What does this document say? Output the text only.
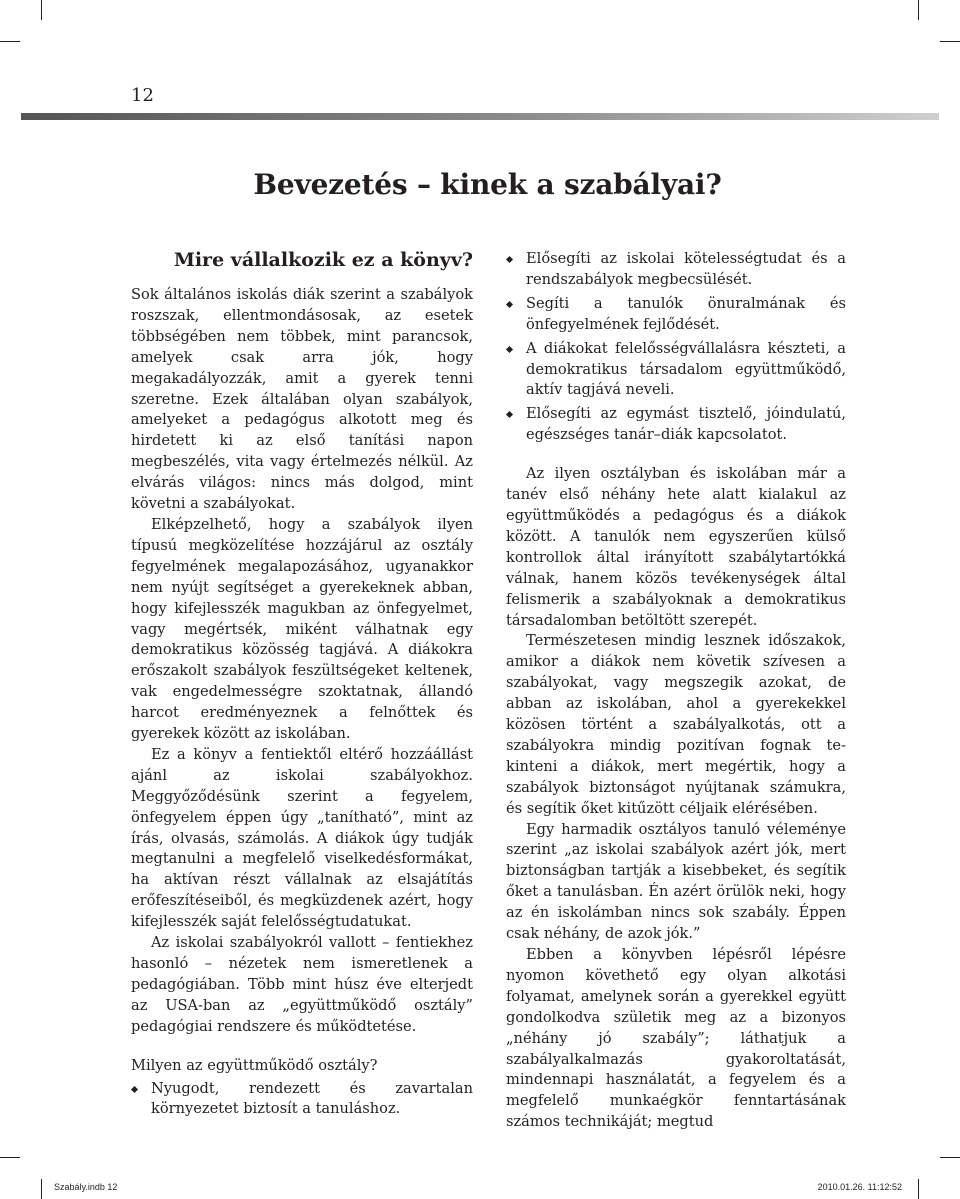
12
Bevezetés – kinek a szabályai?
Mire vállalkozik ez a könyv?

Sok általános iskolás diák szerint a szabályok roszszak, ellentmondásosak, az esetek többségében nem többek, mint parancsok, amelyek csak arra jók, hogy megakadályozzák, amit a gyerek tenni szeretne. Ezek általában olyan szabályok, amelyeket a pedagógus alkotott meg és hirdetett ki az első tanítási napon megbeszélés, vita vagy értelmezés nélkül. Az elvárás világos: nincs más dolgod, mint követni a szabályokat.

Elképzelhető, hogy a szabályok ilyen típusú megközelítése hozzájárul az osztály fegyelmének megalapozásához, ugyanakkor nem nyújt segítséget a gyerekeknek abban, hogy kifejlesszék magukban az önfegyelmet, vagy megértsék, miként válhatnak egy demokratikus közösség tagjává. A diákokra erőszakolt szabályok feszültségeket keltenek, vak engedelmességre szoktatnak, állandó harcot eredményeznek a felnőttek és gyerekek között az iskolában.

Ez a könyv a fentiektől eltérő hozzáállást ajánl az iskolai szabályokhoz. Meggyőződésünk szerint a fegyelem, önfegyelem éppen úgy „tanítható”, mint az írás, olvasás, számolás. A diákok úgy tudják megtanulni a megfelelő viselkedésformákat, ha aktívan részt vállalnak az elsajátítás erőfeszítéseiből, és megküzdenek azért, hogy kifejlesszék saját felelősségtudatukat.

Az iskolai szabályokról vallott – fentiekhez hasonló – nézetek nem ismeretlenek a pedagógiában. Több mint húsz éve elterjedt az USA-ban az „együttműködő osztály” pedagógiai rendszere és működtetése.

Milyen az együttműködő osztály?

Nyugodt, rendezett és zavartalan környezetet biztosít a tanuláshoz.
Elősegíti az iskolai kötelességtudat és a rendszabályok megbecsülését.
Segíti a tanulók önuralmának és önfegyelmének fejlődését.
A diákokat felelősségvállalásra készteti, a demokratikus társadalom együttműködő, aktív tagjává neveli.
Elősegíti az egymást tisztelő, jóindulatú, egészséges tanár–diák kapcsolatot.

Az ilyen osztályban és iskolában már a tanév első néhány hete alatt kialakul az együttműködés a pedagógus és a diákok között. A tanulók nem egyszerűen külső kontrollok által irányított szabálytartókká válnak, hanem közös tevékenységek által felismerik a szabályoknak a demokratikus társadalomban betöltött szerepét.

Természetesen mindig lesznek időszakok, amikor a diákok nem követik szívesen a szabályokat, vagy megszegik azokat, de abban az iskolában, ahol a gyerekekkel közösen történt a szabályalkotás, ott a szabályokra mindig pozitívan fognak tekinteni a diákok, mert megértik, hogy a szabályok biztonságot nyújtanak számukra, és segítik őket kitűzött céljaik elérésében.

Egy harmadik osztályos tanuló véleménye szerint „az iskolai szabályok azért jók, mert biztonságban tartják a kisebbeket, és segítik őket a tanulásban. Én azért örülök neki, hogy az én iskolámban nincs sok szabály. Éppen csak néhány, de azok jók.”

Ebben a könyvben lépésről lépésre nyomon követhető egy olyan alkotási folyamat, amelynek során a gyerekkel együtt gondolkodva születik meg az a bizonyos „néhány jó szabály”; láthatjuk a szabályalkalmazás gyakoroltatását, mindennapi használatát, a fegyelem és a megfelelő munkaégkör fenntartásának számos technikáját; megtud

Szabály.indb 12	2010.01.26. 11:12:52
